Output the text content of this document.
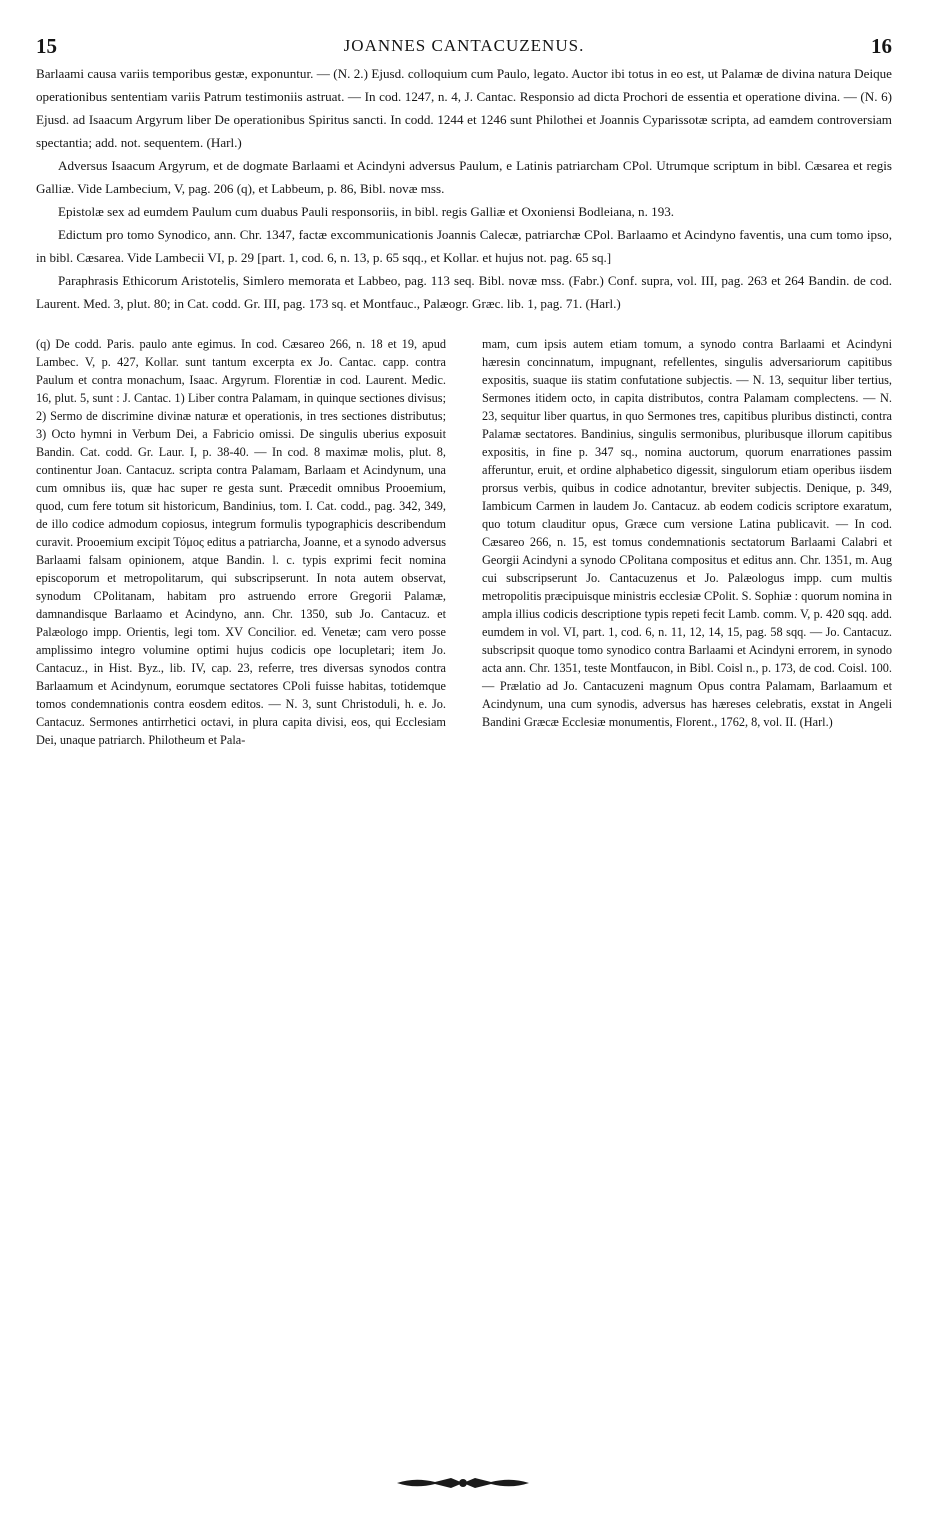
15	JOANNES CANTACUZENUS.	16

Barlaami causa variis temporibus gestæ, exponuntur. — (N. 2.) Ejusd. colloquium cum Paulo, legato. Auctor ibi totus in eo est, ut Palamæ de divina natura Deique operationibus sententiam variis Patrum testimoniis astruat. — In cod. 1247, n. 4, J. Cantac. Responsio ad dicta Prochori de essentia et operatione divina. — (N. 6) Ejusd. ad Isaacum Argyrum liber De operationibus Spiritus sancti. In codd. 1244 et 1246 sunt Philothei et Joannis Cyparissotæ scripta, ad eamdem controversiam spectantia; add. not. sequentem. (Harl.)

Adversus Isaacum Argyrum, et de dogmate Barlaami et Acindyni adversus Paulum, e Latinis patriarcham CPol. Utrumque scriptum in bibl. Cæsarea et regis Galliæ. Vide Lambecium, V, pag. 206 (q), et Labbeum, p. 86, Bibl. novæ mss.

Epistolæ sex ad eumdem Paulum cum duabus Pauli responsoriis, in bibl. regis Galliæ et Oxoniensi Bodleiana, n. 193.

Edictum pro tomo Synodico, ann. Chr. 1347, factæ excommunicationis Joannis Calecæ, patriarchæ CPol. Barlaamo et Acindyno faventis, una cum tomo ipso, in bibl. Cæsarea. Vide Lambecii VI, p. 29 [part. 1, cod. 6, n. 13, p. 65 sqq., et Kollar. et hujus not. pag. 65 sq.]

Paraphrasis Ethicorum Aristotelis, Simlero memorata et Labbeo, pag. 113 seq. Bibl. novæ mss. (Fabr.) Conf. supra, vol. III, pag. 263 et 264 Bandin. de cod. Laurent. Med. 3, plut. 80; in Cat. codd. Gr. III, pag. 173 sq. et Montfauc., Palæogr. Græc. lib. 1, pag. 71. (Harl.)

(q) De codd. Paris. paulo ante egimus. In cod. Cæsareo 266, n. 18 et 19, apud Lambec. V, p. 427, Kollar. sunt tantum excerpta ex Jo. Cantac. capp. contra Paulum et contra monachum, Isaac. Argyrum. Florentiæ in cod. Laurent. Medic. 16, plut. 5, sunt : J. Cantac. 1) Liber contra Palamam, in quinque sectiones divisus; 2) Sermo de discrimine divinæ naturæ et operationis, in tres sectiones distributus; 3) Octo hymni in Verbum Dei, a Fabricio omissi. De singulis uberius exposuit Bandin. Cat. codd. Gr. Laur. I, p. 38-40. — In cod. 8 maximæ molis, plut. 8, continentur Joan. Cantacuz. scripta contra Palamam, Barlaam et Acindynum, una cum omnibus iis, quæ hac super re gesta sunt. Præcedit omnibus Prooemium, quod, cum fere totum sit historicum, Bandinius, tom. I. Cat. codd., pag. 342, 349, de illo codice admodum copiosus, integrum formulis typographicis describendum curavit. Prooemium excipit Τόμος editus a patriarcha, Joanne, et a synodo adversus Barlaami falsam opinionem, atque Bandin. l. c. typis exprimi fecit nomina episcoporum et metropolitarum, qui subscripserunt. In nota autem observat, synodum CPolitanam, habitam pro astruendo errore Gregorii Palamæ, damnandisque Barlaamo et Acindyno, ann. Chr. 1350, sub Jo. Cantacuz. et Palæologo impp. Orientis, legi tom. XV Concilior. ed. Venetæ; cam vero posse amplissimo integro volumine optimi hujus codicis ope locupletari; item Jo. Cantacuz., in Hist. Byz., lib. IV, cap. 23, referre, tres diversas synodos contra Barlaamum et Acindynum, eorumque sectatores CPoli fuisse habitas, totidemque tomos condemnationis contra eosdem editos. — N. 3, sunt Christoduli, h. e. Jo. Cantacuz. Sermones antirrhetici octavi, in plura capita divisi, eos, qui Ecclesiam Dei, unaque patriarch. Philotheum et Pala-

mam, cum ipsis autem etiam tomum, a synodo contra Barlaami et Acindyni hæresin concinnatum, impugnant, refellentes, singulis adversariorum capitibus expositis, suaque iis statim confutatione subjectis. — N. 13, sequitur liber tertius, Sermones itidem octo, in capita distributos, contra Palamam complectens. — N. 23, sequitur liber quartus, in quo Sermones tres, capitibus pluribus distincti, contra Palamæ sectatores. Bandinius, singulis sermonibus, pluribusque illorum capitibus expositis, in fine p. 347 sq., nomina auctorum, quorum enarrationes passim afferuntur, eruit, et ordine alphabetico digessit, singulorum etiam operibus iisdem prorsus verbis, quibus in codice adnotantur, breviter subjectis. Denique, p. 349, Iambicum Carmen in laudem Jo. Cantacuz. ab eodem codicis scriptore exaratum, quo totum clauditur opus, Græce cum versione Latina publicavit. — In cod. Cæsareo 266, n. 15, est tomus condemnationis sectatorum Barlaami Calabri et Georgii Acindyni a synodo CPolitana compositus et editus ann. Chr. 1351, m. Aug cui subscripserunt Jo. Cantacuzenus et Jo. Palæologus impp. cum multis metropolitis præcipuisque ministris ecclesiæ CPolit. S. Sophiæ : quorum nomina in ampla illius codicis descriptione typis repeti fecit Lamb. comm. V, p. 420 sqq. add. eumdem in vol. VI, part. 1, cod. 6, n. 11, 12, 14, 15, pag. 58 sqq. — Jo. Cantacuz. subscripsit quoque tomo synodico contra Barlaami et Acindyni errorem, in synodo acta ann. Chr. 1351, teste Montfaucon, in Bibl. Coisl n., p. 173, de cod. Coisl. 100. — Prælatio ad Jo. Cantacuzeni magnum Opus contra Palamam, Barlaamum et Acindynum, una cum synodis, adversus has hæreses celebratis, exstat in Angeli Bandini Græcæ Ecclesiæ monumentis, Florent., 1762, 8, vol. II. (Harl.)
